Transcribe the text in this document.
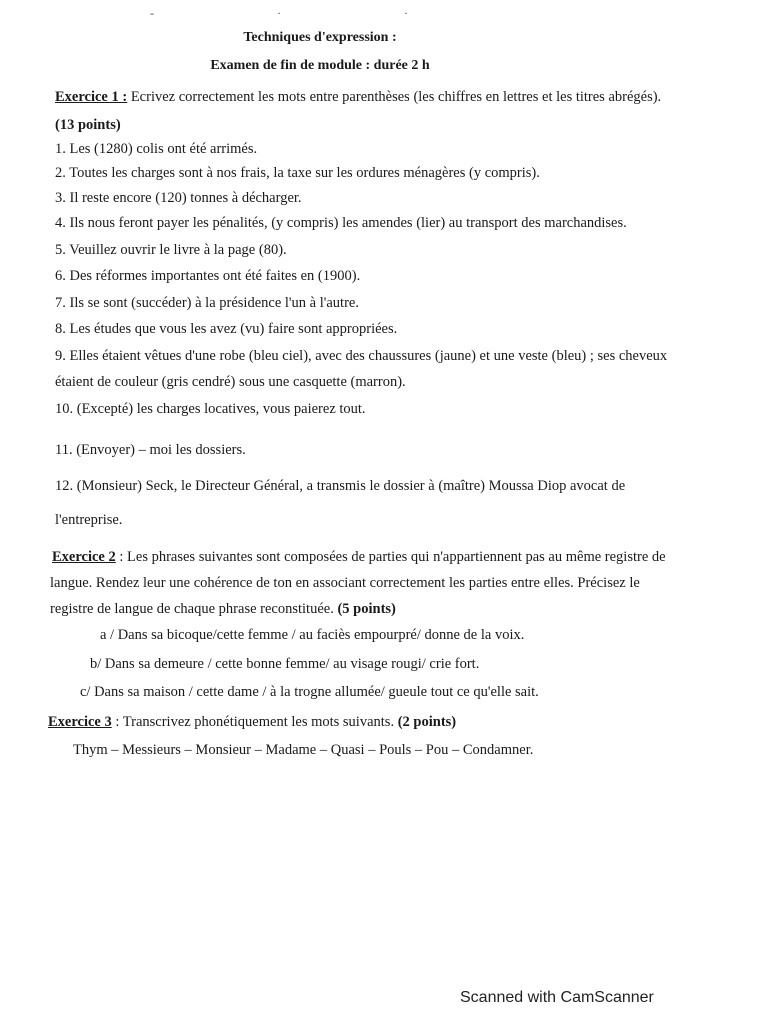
- · ·
Techniques d'expression :
Examen de fin de module : durée 2 h
Exercice 1 : Ecrivez correctement les mots entre parenthèses (les chiffres en lettres et les titres abrégés).
(13 points)
1. Les (1280) colis ont été arrimés.
2. Toutes les charges sont à nos frais, la taxe sur les ordures ménagères (y compris).
3. Il reste encore (120) tonnes à décharger.
4. Ils nous feront payer les pénalités, (y compris) les amendes (lier) au transport des marchandises.
5. Veuillez ouvrir le livre à la page (80).
6. Des réformes importantes ont été faites en (1900).
7. Ils se sont (succéder) à la présidence l'un à l'autre.
8. Les études que vous les avez (vu) faire sont appropriées.
9. Elles étaient vêtues d'une robe (bleu ciel), avec des chaussures (jaune) et une veste (bleu) ; ses cheveux
étaient de couleur (gris cendré) sous une casquette (marron).
10. (Excepté) les charges locatives, vous paierez tout.
11. (Envoyer) – moi les dossiers.
12. (Monsieur) Seck, le Directeur Général, a transmis le dossier à (maître) Moussa Diop avocat de
l'entreprise.
Exercice 2 : Les phrases suivantes sont composées de parties qui n'appartiennent pas au même registre de
langue. Rendez leur une cohérence de ton en associant correctement les parties entre elles. Précisez le
registre de langue de chaque phrase reconstituée. (5 points)
a / Dans sa bicoque/cette femme / au faciès empourpré/ donne de la voix.
b/ Dans sa demeure / cette bonne femme/ au visage rougi/ crie fort.
c/ Dans sa maison / cette dame / à la trogne allumée/ gueule tout ce qu'elle sait.
Exercice 3 : Transcrivez phonétiquement les mots suivants. (2 points)
Thym – Messieurs – Monsieur – Madame – Quasi – Pouls – Pou – Condamner.
Scanned with CamScanner
